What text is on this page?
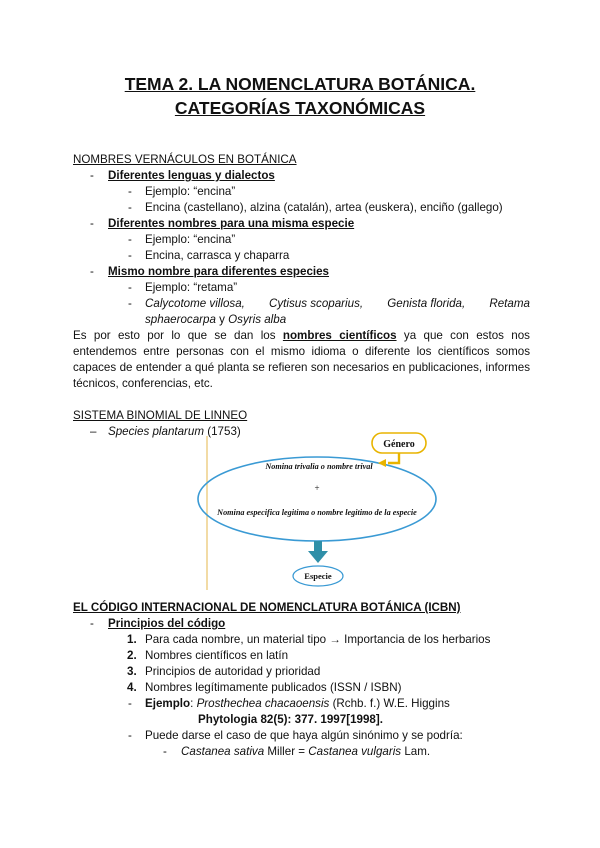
TEMA 2. LA NOMENCLATURA BOTÁNICA.
CATEGORÍAS TAXONÓMICAS
NOMBRES VERNÁCULOS EN BOTÁNICA
- Diferentes lenguas y dialectos
- Ejemplo: “encina”
- Encina (castellano), alzina (catalán), artea (euskera), enciño (gallego)
- Diferentes nombres para una misma especie
- Ejemplo: “encina”
- Encina, carrasca y chaparra
- Mismo nombre para diferentes especies
- Ejemplo: “retama”
- Calycotome villosa, Cytisus scoparius, Genista florida, Retama
sphaerocarpa y Osyris alba
Es por esto por lo que se dan los nombres científicos ya que con estos nos entendemos entre personas con el mismo idioma o diferente los científicos somos capaces de entender a qué planta se refieren son necesarios en publicaciones, informes técnicos, conferencias, etc.
SISTEMA BINOMIAL DE LINNEO
– Species plantarum (1753)
Género
Nomina trivalia o nombre trival
+
Nomina especifica legitima o nombre legitimo de la especie
Especie
EL CÓDIGO INTERNACIONAL DE NOMENCLATURA BOTÁNICA (ICBN)
- Principios del código
1. Para cada nombre, un material tipo → Importancia de los herbarios
2. Nombres científicos en latín
3. Principios de autoridad y prioridad
4. Nombres legítimamente publicados (ISSN / ISBN)
- Ejemplo: Prosthechea chacaoensis (Rchb. f.) W.E. Higgins
Phytologia 82(5): 377. 1997[1998].
- Puede darse el caso de que haya algún sinónimo y se podría:
- Castanea sativa Miller = Castanea vulgaris Lam.
